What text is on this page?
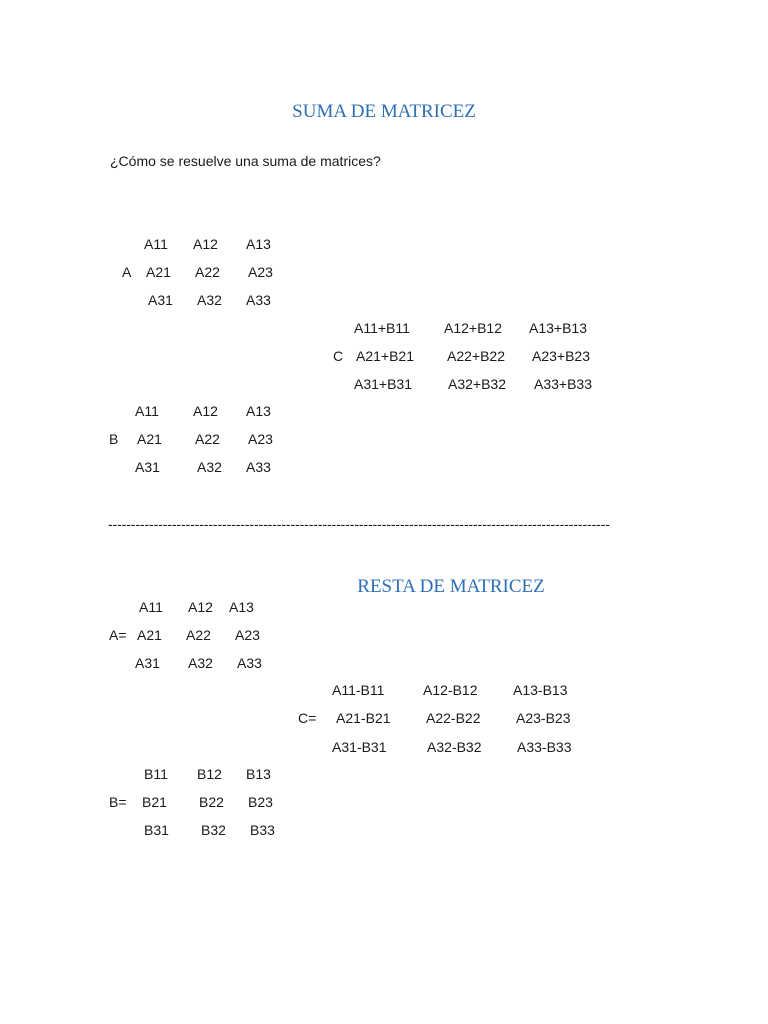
SUMA DE MATRICEZ
¿Cómo se resuelve una suma de matrices?
A
A11 A12 A13
A21 A22 A23
A31 A32 A33
C
A11+B11 A12+B12 A13+B13
A21+B21 A22+B22 A23+B23
A31+B31	A32+B32 A33+B33
B
A11 A12 A13
A21 A22 A23
A31	A32 A33
--------------------------------------------------------------------------------------------------------------
RESTA DE MATRICEZ
A=
A11 A12 A13
A21 A22 A23
A31 A32 A33
C=
A11-B11	A12-B12	A13-B13
A21-B21	A22-B22	A23-B23
A31-B31	A32-B32	A33-B33
B=
B11 B12 B13
B21 B22 B23
B31 B32 B33
